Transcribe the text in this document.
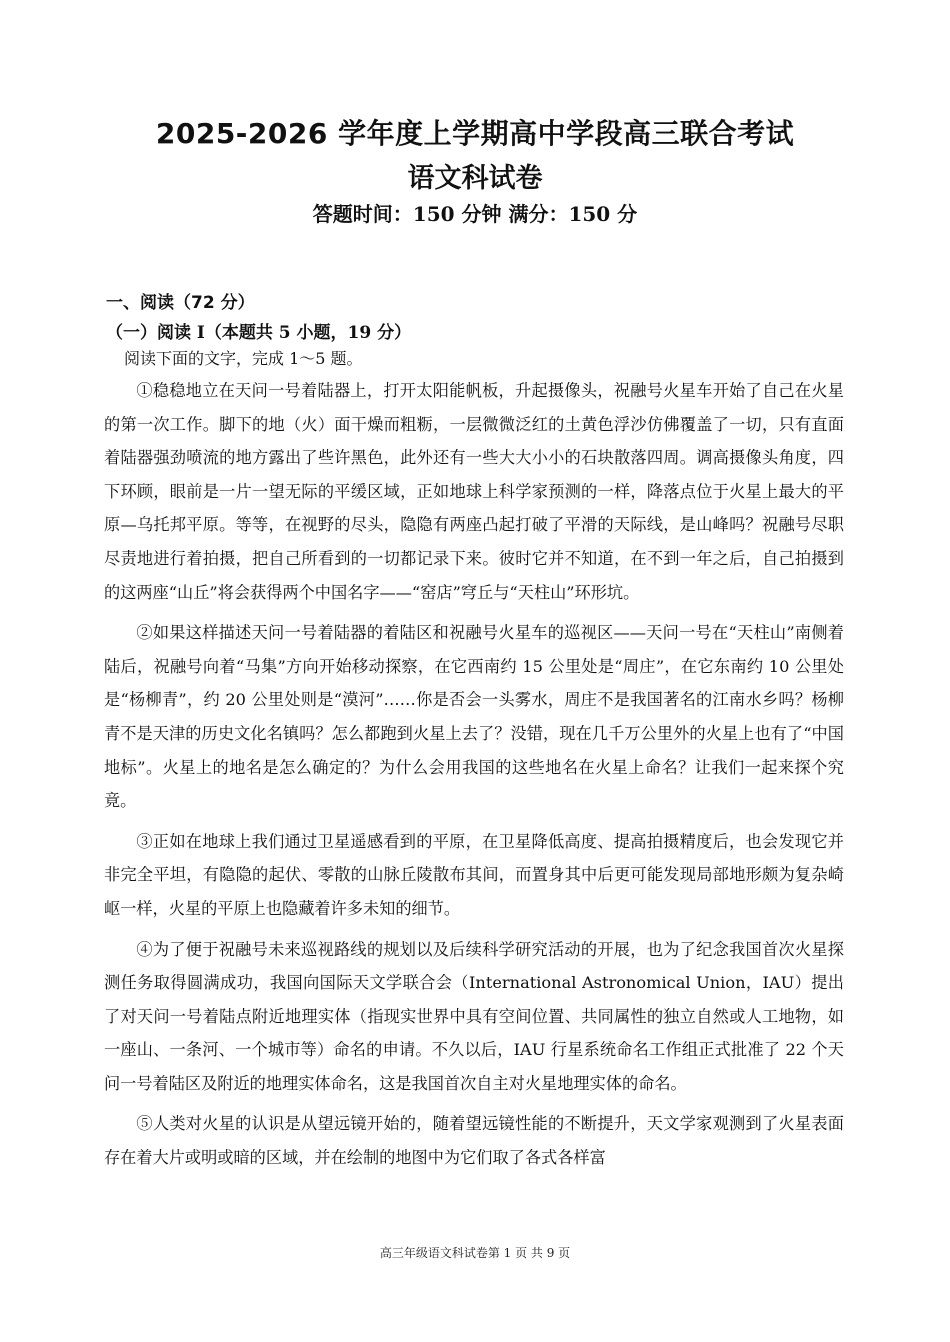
2025-2026 学年度上学期高中学段高三联合考试
语文科试卷
答题时间：150 分钟 满分：150 分
一、阅读（72 分）
（一）阅读 I（本题共 5 小题，19 分）
阅读下面的文字，完成 1～5 题。

①稳稳地立在天问一号着陆器上，打开太阳能帆板，升起摄像头，祝融号火星车开始了自己在火星的第一次工作。脚下的地（火）面干燥而粗粝，一层微微泛红的土黄色浮沙仿佛覆盖了一切，只有直面着陆器强劲喷流的地方露出了些许黑色，此外还有一些大大小小的石块散落四周。调高摄像头角度，四下环顾，眼前是一片一望无际的平缓区域，正如地球上科学家预测的一样，降落点位于火星上最大的平原—乌托邦平原。等等，在视野的尽头，隐隐有两座凸起打破了平滑的天际线，是山峰吗？祝融号尽职尽责地进行着拍摄，把自己所看到的一切都记录下来。彼时它并不知道，在不到一年之后，自己拍摄到的这两座“山丘”将会获得两个中国名字——“窑店”穹丘与“天柱山”环形坑。

②如果这样描述天问一号着陆器的着陆区和祝融号火星车的巡视区——天问一号在“天柱山”南侧着陆后，祝融号向着“马集”方向开始移动探察，在它西南约 15 公里处是“周庄”，在它东南约 10 公里处是“杨柳青”，约 20 公里处则是“漠河”……你是否会一头雾水，周庄不是我国著名的江南水乡吗？杨柳青不是天津的历史文化名镇吗？怎么都跑到火星上去了？没错，现在几千万公里外的火星上也有了“中国地标”。火星上的地名是怎么确定的？为什么会用我国的这些地名在火星上命名？让我们一起来探个究竟。

③正如在地球上我们通过卫星遥感看到的平原，在卫星降低高度、提高拍摄精度后，也会发现它并非完全平坦，有隐隐的起伏、零散的山脉丘陵散布其间，而置身其中后更可能发现局部地形颇为复杂崎岖一样，火星的平原上也隐藏着许多未知的细节。

④为了便于祝融号未来巡视路线的规划以及后续科学研究活动的开展，也为了纪念我国首次火星探测任务取得圆满成功，我国向国际天文学联合会（International Astronomical Union，IAU）提出了对天问一号着陆点附近地理实体（指现实世界中具有空间位置、共同属性的独立自然或人工地物，如一座山、一条河、一个城市等）命名的申请。不久以后，IAU 行星系统命名工作组正式批准了 22 个天问一号着陆区及附近的地理实体命名，这是我国首次自主对火星地理实体的命名。

⑤人类对火星的认识是从望远镜开始的，随着望远镜性能的不断提升，天文学家观测到了火星表面存在着大片或明或暗的区域，并在绘制的地图中为它们取了各式各样富

高三年级语文科试卷第 1 页 共 9 页
